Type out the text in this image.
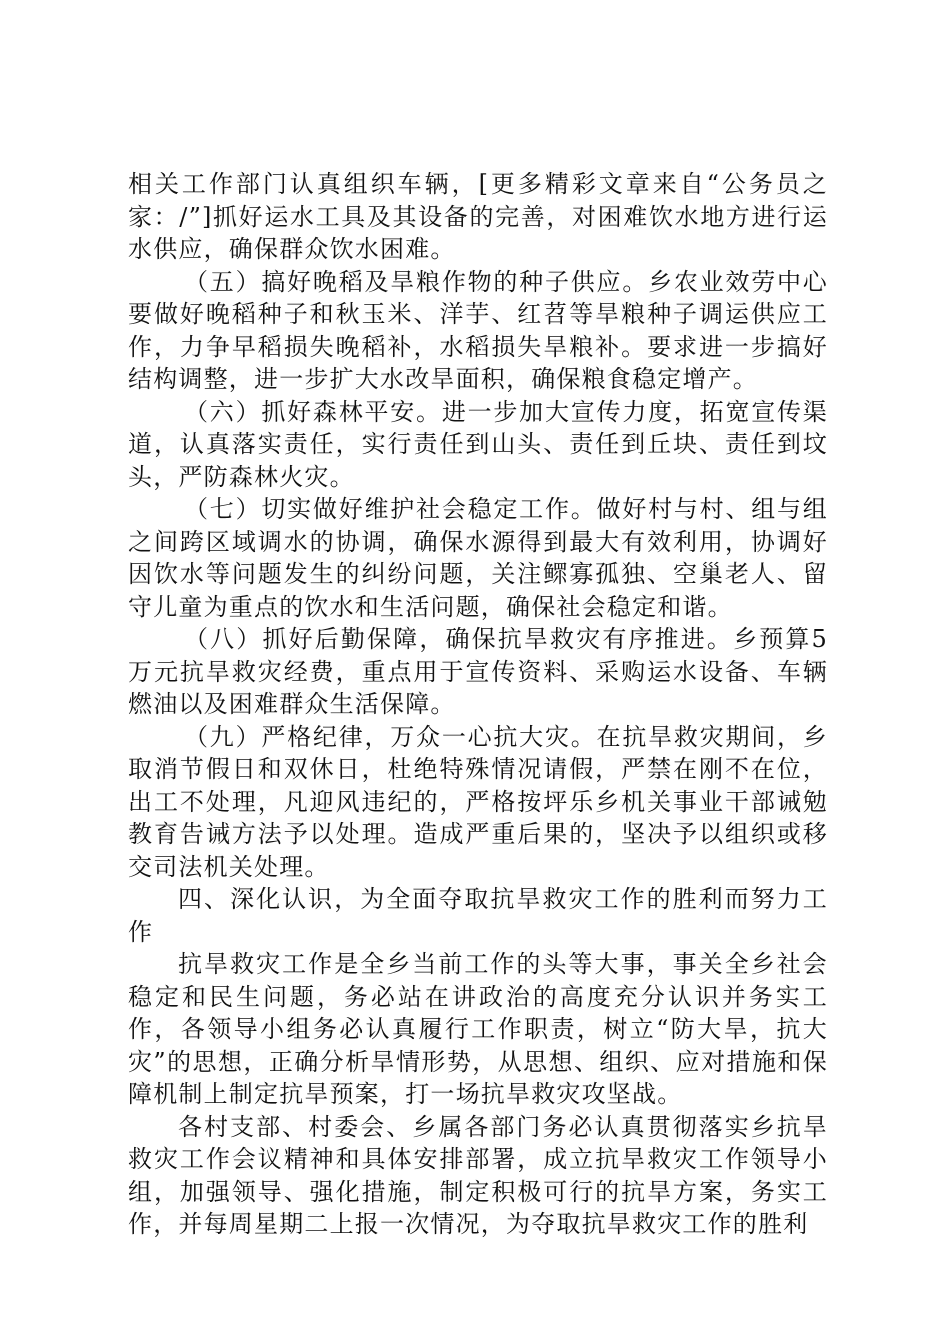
相关工作部门认真组织车辆，[更多精彩文章来自“公务员之家：/”]抓好运水工具及其设备的完善，对困难饮水地方进行运水供应，确保群众饮水困难。

（五）搞好晚稻及旱粮作物的种子供应。乡农业效劳中心要做好晚稻种子和秋玉米、洋芋、红苕等旱粮种子调运供应工作，力争早稻损失晚稻补，水稻损失旱粮补。要求进一步搞好结构调整，进一步扩大水改旱面积，确保粮食稳定增产。

（六）抓好森林平安。进一步加大宣传力度，拓宽宣传渠道，认真落实责任，实行责任到山头、责任到丘块、责任到坟头，严防森林火灾。

（七）切实做好维护社会稳定工作。做好村与村、组与组之间跨区域调水的协调，确保水源得到最大有效利用，协调好因饮水等问题发生的纠纷问题，关注鳏寡孤独、空巢老人、留守儿童为重点的饮水和生活问题，确保社会稳定和谐。

（八）抓好后勤保障，确保抗旱救灾有序推进。乡预算5万元抗旱救灾经费，重点用于宣传资料、采购运水设备、车辆燃油以及困难群众生活保障。

（九）严格纪律，万众一心抗大灾。在抗旱救灾期间，乡取消节假日和双休日，杜绝特殊情况请假，严禁在刚不在位，出工不处理，凡迎风违纪的，严格按坪乐乡机关事业干部诫勉教育告诫方法予以处理。造成严重后果的，坚决予以组织或移交司法机关处理。

四、深化认识，为全面夺取抗旱救灾工作的胜利而努力工作

抗旱救灾工作是全乡当前工作的头等大事，事关全乡社会稳定和民生问题，务必站在讲政治的高度充分认识并务实工作，各领导小组务必认真履行工作职责，树立“防大旱，抗大灾”的思想，正确分析旱情形势，从思想、组织、应对措施和保障机制上制定抗旱预案，打一场抗旱救灾攻坚战。

各村支部、村委会、乡属各部门务必认真贯彻落实乡抗旱救灾工作会议精神和具体安排部署，成立抗旱救灾工作领导小组，加强领导、强化措施，制定积极可行的抗旱方案，务实工作，并每周星期二上报一次情况，为夺取抗旱救灾工作的胜利
